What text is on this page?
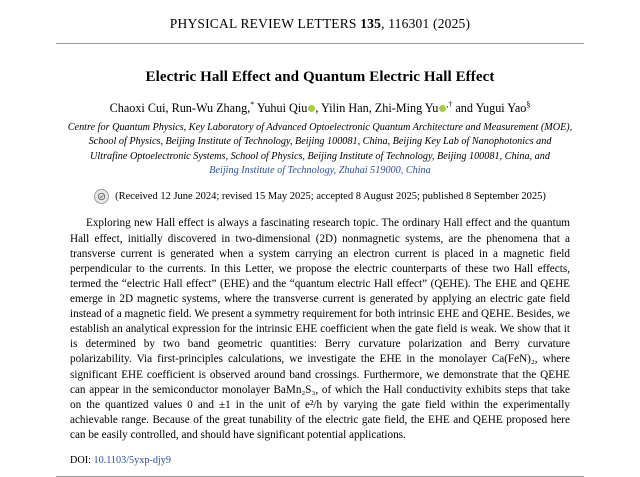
PHYSICAL REVIEW LETTERS 135, 116301 (2025)
Electric Hall Effect and Quantum Electric Hall Effect
Chaoxi Cui, Run-Wu Zhang,* Yuhui Qiu , Yilin Han, Zhi-Ming Yu ,† and Yugui Yao§
Centre for Quantum Physics, Key Laboratory of Advanced Optoelectronic Quantum Architecture and Measurement (MOE),
School of Physics, Beijing Institute of Technology, Beijing 100081, China, Beijing Key Lab of Nanophotonics and
Ultrafine Optoelectronic Systems, School of Physics, Beijing Institute of Technology, Beijing 100081, China, and
Beijing Institute of Technology, Zhuhai 519000, China
(Received 12 June 2024; revised 15 May 2025; accepted 8 August 2025; published 8 September 2025)

Exploring new Hall effect is always a fascinating research topic. The ordinary Hall effect and the quantum Hall effect, initially discovered in two-dimensional (2D) nonmagnetic systems, are the phenomena that a transverse current is generated when a system carrying an electron current is placed in a magnetic field perpendicular to the currents. In this Letter, we propose the electric counterparts of these two Hall effects, termed the “electric Hall effect” (EHE) and the “quantum electric Hall effect” (QEHE). The EHE and QEHE emerge in 2D magnetic systems, where the transverse current is generated by applying an electric gate field instead of a magnetic field. We present a symmetry requirement for both intrinsic EHE and QEHE. Besides, we establish an analytical expression for the intrinsic EHE coefficient when the gate field is weak. We show that it is determined by two band geometric quantities: Berry curvature polarization and Berry curvature polarizability. Via first-principles calculations, we investigate the EHE in the monolayer Ca(FeN)₂, where significant EHE coefficient is observed around band crossings. Furthermore, we demonstrate that the QEHE can appear in the semiconductor monolayer BaMn₂S₃, of which the Hall conductivity exhibits steps that take on the quantized values 0 and ±1 in the unit of e²/h by varying the gate field within the experimentally achievable range. Because of the great tunability of the electric gate field, the EHE and QEHE proposed here can be easily controlled, and should have significant potential applications.

DOI: 10.1103/5yxp-djy9
